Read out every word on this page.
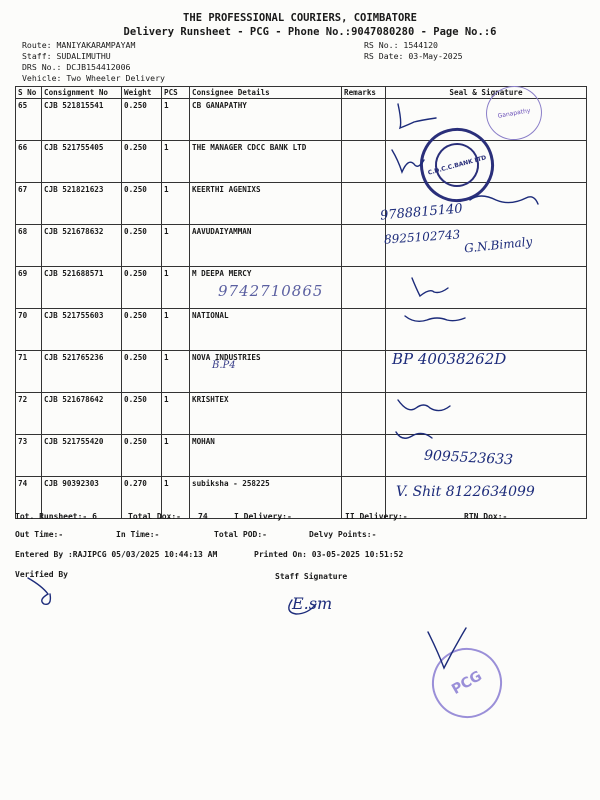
THE PROFESSIONAL COURIERS, COIMBATORE
Delivery Runsheet - PCG - Phone No.:9047080280 - Page No.:6
Route: MANIYAKARAMPAYAM
Staff: SUDALIMUTHU
DRS No.: DCJB154412006
Vehicle: Two Wheeler Delivery
RS No.: 1544120
RS Date: 03-May-2025
S No	Consignment No	Weight	PCS	Consignee Details	Remarks	Seal & Signature
65	CJB 521815541	0.250	1	CB GANAPATHY		
66	CJB 521755405	0.250	1	THE MANAGER CDCC BANK LTD		
67	CJB 521821623	0.250	1	KEERTHI AGENIXS		
68	CJB 521678632	0.250	1	AAVUDAIYAMMAN		
69	CJB 521688571	0.250	1	M DEEPA MERCY		
70	CJB 521755603	0.250	1	NATIONAL		
71	CJB 521765236	0.250	1	NOVA INDUSTRIES		
72	CJB 521678642	0.250	1	KRISHTEX		
73	CJB 521755420	0.250	1	MOHAN		
74	CJB 90392303	0.270	1	subiksha - 258225		
Tot. Runsheet:- 6	Total Dox:- 74	I Delivery:-	II Delivery:-	RTN Dox:-
Out Time:-	In Time:-	Total POD:-	Delvy Points:-
Entered By :RAJIPCG 05/03/2025 10:44:13 AM	Printed On: 03-05-2025 10:51:52
Verified By	Staff Signature
9742710865
B.P4
9788815140
8925102743 G.N.Bimaly
BP 40038262D
9095523633
V. Shit 8122634099
E.sm
C.D.C.C.BANK LTD
Ganapathy
PCG
